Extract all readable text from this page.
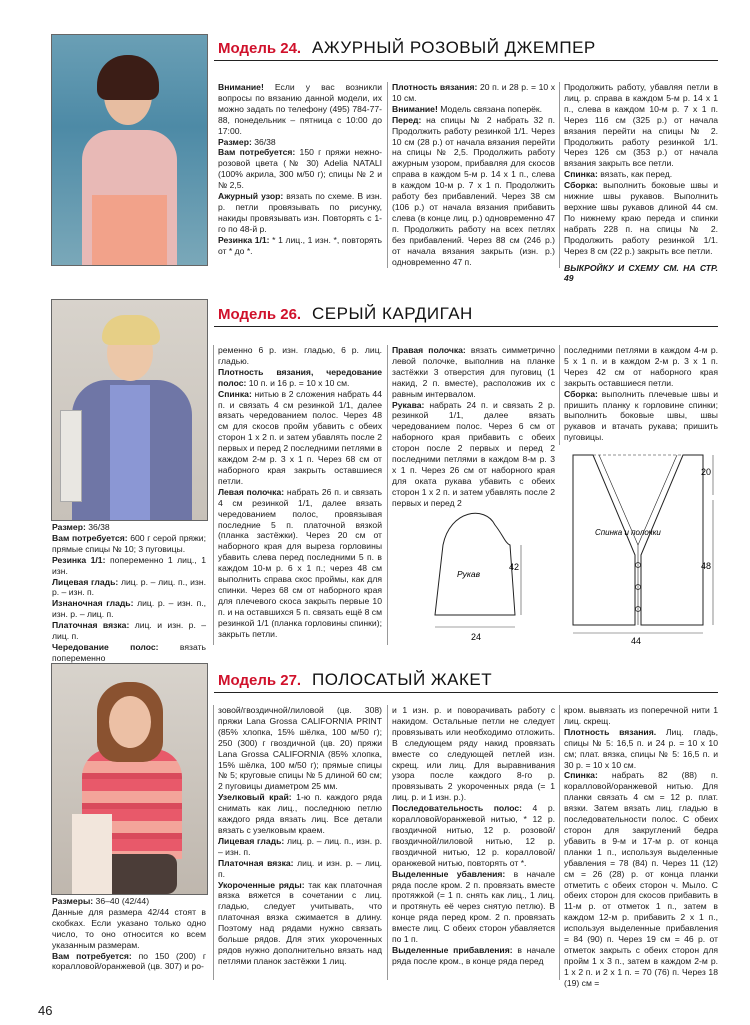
Модель 24. АЖУРНЫЙ РОЗОВЫЙ ДЖЕМПЕР

Внимание! Если у вас возникли вопросы по вязанию данной модели, их можно задать по телефону (495) 784-77-88, понедельник – пятница с 10:00 до 17:00.

Размер: 36/38

Вам потребуется: 150 г пряжи нежно-розовой цвета (№ 30) Adelia NATALI (100% акрила, 300 м/50 г); спицы № 2 и № 2,5.

Ажурный узор: вязать по схеме. В изн. р. петли провязывать по рисунку, накиды провязывать изн. Повторять с 1-го по 48-й р.

Резинка 1/1: * 1 лиц., 1 изн. *, повторять от * до *.

Плотность вязания: 20 п. и 28 р. = 10 х 10 см.

Внимание! Модель связана поперёк.

Перед: на спицы № 2 набрать 32 п. Продолжить работу резинкой 1/1. Через 10 см (28 р.) от начала вязания перейти на спицы № 2,5. Продолжить работу ажурным узором, прибавляя для скосов справа в каждом 5-м р. 14 х 1 п., слева в каждом 10-м р. 7 х 1 п. Продолжить работу без прибавлений. Через 38 см (106 р.) от начала вязания прибавить слева (в конце лиц. р.) одновременно 47 п. Продолжить работу на всех петлях без прибавлений. Через 88 см (246 р.) от начала вязания закрыть (изн. р.) одновременно 47 п.

Продолжить работу, убавляя петли в лиц. р. справа в каждом 5-м р. 14 х 1 п., слева в каждом 10-м р. 7 х 1 п. Через 116 см (325 р.) от начала вязания перейти на спицы № 2. Продолжить работу резинкой 1/1. Через 126 см (353 р.) от начала вязания закрыть все петли.

Спинка: вязать, как перед.

Сборка: выполнить боковые швы и нижние швы рукавов. Выполнить верхние швы рукавов длиной 44 см. По нижнему краю переда и спинки набрать 228 п. на спицы № 2. Продолжить работу резинкой 1/1. Через 8 см (22 р.) закрыть все петли.

ВЫКРОЙКУ И СХЕМУ СМ. НА СТР. 49

Модель 26. СЕРЫЙ КАРДИГАН

Размер: 36/38

Вам потребуется: 600 г серой пряжи; прямые спицы № 10; 3 пуговицы.

Резинка 1/1: попеременно 1 лиц., 1 изн.

Лицевая гладь: лиц. р. – лиц. п., изн. р. – изн. п.

Изнаночная гладь: лиц. р. – изн. п., изн. р. – лиц. п.

Платочная вязка: лиц. и изн. р. – лиц. п.

Чередование полос: вязать попеременно

ременно 6 р. изн. гладью, 6 р. лиц. гладью.

Плотность вязания, чередование полос: 10 п. и 16 р. = 10 х 10 см.

Спинка: нитью в 2 сложения набрать 44 п. и связать 4 см резинкой 1/1, далее вязать чередованием полос. Через 48 см для скосов пройм убавить с обеих сторон 1 х 2 п. и затем убавлять после 2 первых и перед 2 последними петлями в каждом 2-м р. 3 х 1 п. Через 68 см от наборного края закрыть оставшиеся петли.

Левая полочка: набрать 26 п. и связать 4 см резинкой 1/1, далее вязать чередованием полос, провязывая последние 5 п. платочной вязкой (планка застёжки). Через 20 см от наборного края для выреза горловины убавить слева перед последними 5 п. в каждом 10-м р. 6 х 1 п.; через 48 см выполнить справа скос проймы, как для спинки. Через 68 см от наборного края для плечевого скоса закрыть первые 10 п. и на оставшихся 5 п. связать ещё 8 см резинкой 1/1 (планка горловины спинки); закрыть петли.

Правая полочка: вязать симметрично левой полочке, выполнив на планке застёжки 3 отверстия для пуговиц (1 накид, 2 п. вместе), расположив их с равным интервалом.

Рукава: набрать 24 п. и связать 2 р. резинкой 1/1, далее вязать чередованием полос. Через 6 см от наборного края прибавить с обеих сторон после 2 первых и перед 2 последними петлями в каждом 8-м р. 3 х 1 п. Через 26 см от наборного края для оката рукава убавить с обеих сторон 1 х 2 п. и затем убавлять после 2 первых и перед 2

последними петлями в каждом 4-м р. 5 х 1 п. и в каждом 2-м р. 3 х 1 п. Через 42 см от наборного края закрыть оставшиеся петли.

Сборка: выполнить плечевые швы и пришить планку к горловине спинки; выполнить боковые швы, швы рукавов и втачать рукава; пришить пуговицы.

Рукав
42
24
Спинка и полочки
20
48
44
Модель 27. ПОЛОСАТЫЙ ЖАКЕТ

Размеры: 36–40 (42/44)

Данные для размера 42/44 стоят в скобках. Если указано только одно число, то оно относится ко всем указанным размерам.

Вам потребуется: по 150 (200) г коралловой/оранжевой (цв. 307) и ро-

зовой/гвоздичной/лиловой (цв. 308) пряжи Lana Grossa CALIFORNIA PRINT (85% хлопка, 15% шёлка, 100 м/50 г); 250 (300) г гвоздичной (цв. 20) пряжи Lana Grossa CALIFORNIA (85% хлопка, 15% шёлка, 100 м/50 г); прямые спицы № 5; круговые спицы № 5 длиной 60 см; 2 пуговицы диаметром 25 мм.

Узелковый край: 1-ю п. каждого ряда снимать как лиц., последнюю петлю каждого ряда вязать лиц. Все детали вязать с узелковым краем.

Лицевая гладь: лиц. р. – лиц. п., изн. р. – изн. п.

Платочная вязка: лиц. и изн. р. – лиц. п.

Укороченные ряды: так как платочная вязка вяжется в сочетании с лиц. гладью, следует учитывать, что платочная вязка сжимается в длину. Поэтому над рядами нужно связать больше рядов. Для этих укороченных рядов нужно дополнительно вязать над петлями планок застёжки 1 лиц.

и 1 изн. р. и поворачивать работу с накидом. Остальные петли не следует провязывать или необходимо отложить. В следующем ряду накид провязать вместе со следующей петлей изн. скрещ. или лиц. Для выравнивания узора после каждого 8-го р. провязывать 2 укороченных ряда (= 1 лиц. р. и 1 изн. р.).

Последовательность полос: 4 р. коралловой/оранжевой нитью, * 12 р. гвоздичной нитью, 12 р. розовой/гвоздичной/лиловой нитью, 12 р. гвоздичной нитью, 12 р. коралловой/оранжевой нитью, повторять от *.

Выделенные убавления: в начале ряда после кром. 2 п. провязать вместе протяжкой (= 1 п. снять как лиц., 1 лиц. и протянуть её через снятую петлю). В конце ряда перед кром. 2 п. провязать вместе лиц. С обеих сторон убавляется по 1 п.

Выделенные прибавления: в начале ряда после кром., в конце ряда перед

кром. вывязать из поперечной нити 1 лиц. скрещ.

Плотность вязания. Лиц. гладь, спицы № 5: 16,5 п. и 24 р. = 10 х 10 см; плат. вязка, спицы № 5: 16,5 п. и 30 р. = 10 х 10 см.

Спинка: набрать 82 (88) п. коралловой/оранжевой нитью. Для планки связать 4 см = 12 р. плат. вязки. Затем вязать лиц. гладью в последовательности полос. С обеих сторон для закруглений бедра убавить в 9-м и 17-м р. от конца планки 1 п., используя выделенные убавления = 78 (84) п. Через 11 (12) см = 26 (28) р. от конца планки отметить с обеих сторон ч. Мыло. С обеих сторон для скосов прибавить в 11-м р. от отметок 1 п., затем в каждом 12-м р. прибавить 2 х 1 п., используя выделенные прибавления = 84 (90) п. Через 19 см = 46 р. от отметок закрыть с обеих сторон для пройм 1 х 3 п., затем в каждом 2-м р. 1 х 2 п. и 2 х 1 п. = 70 (76) п. Через 18 (19) см =

46
